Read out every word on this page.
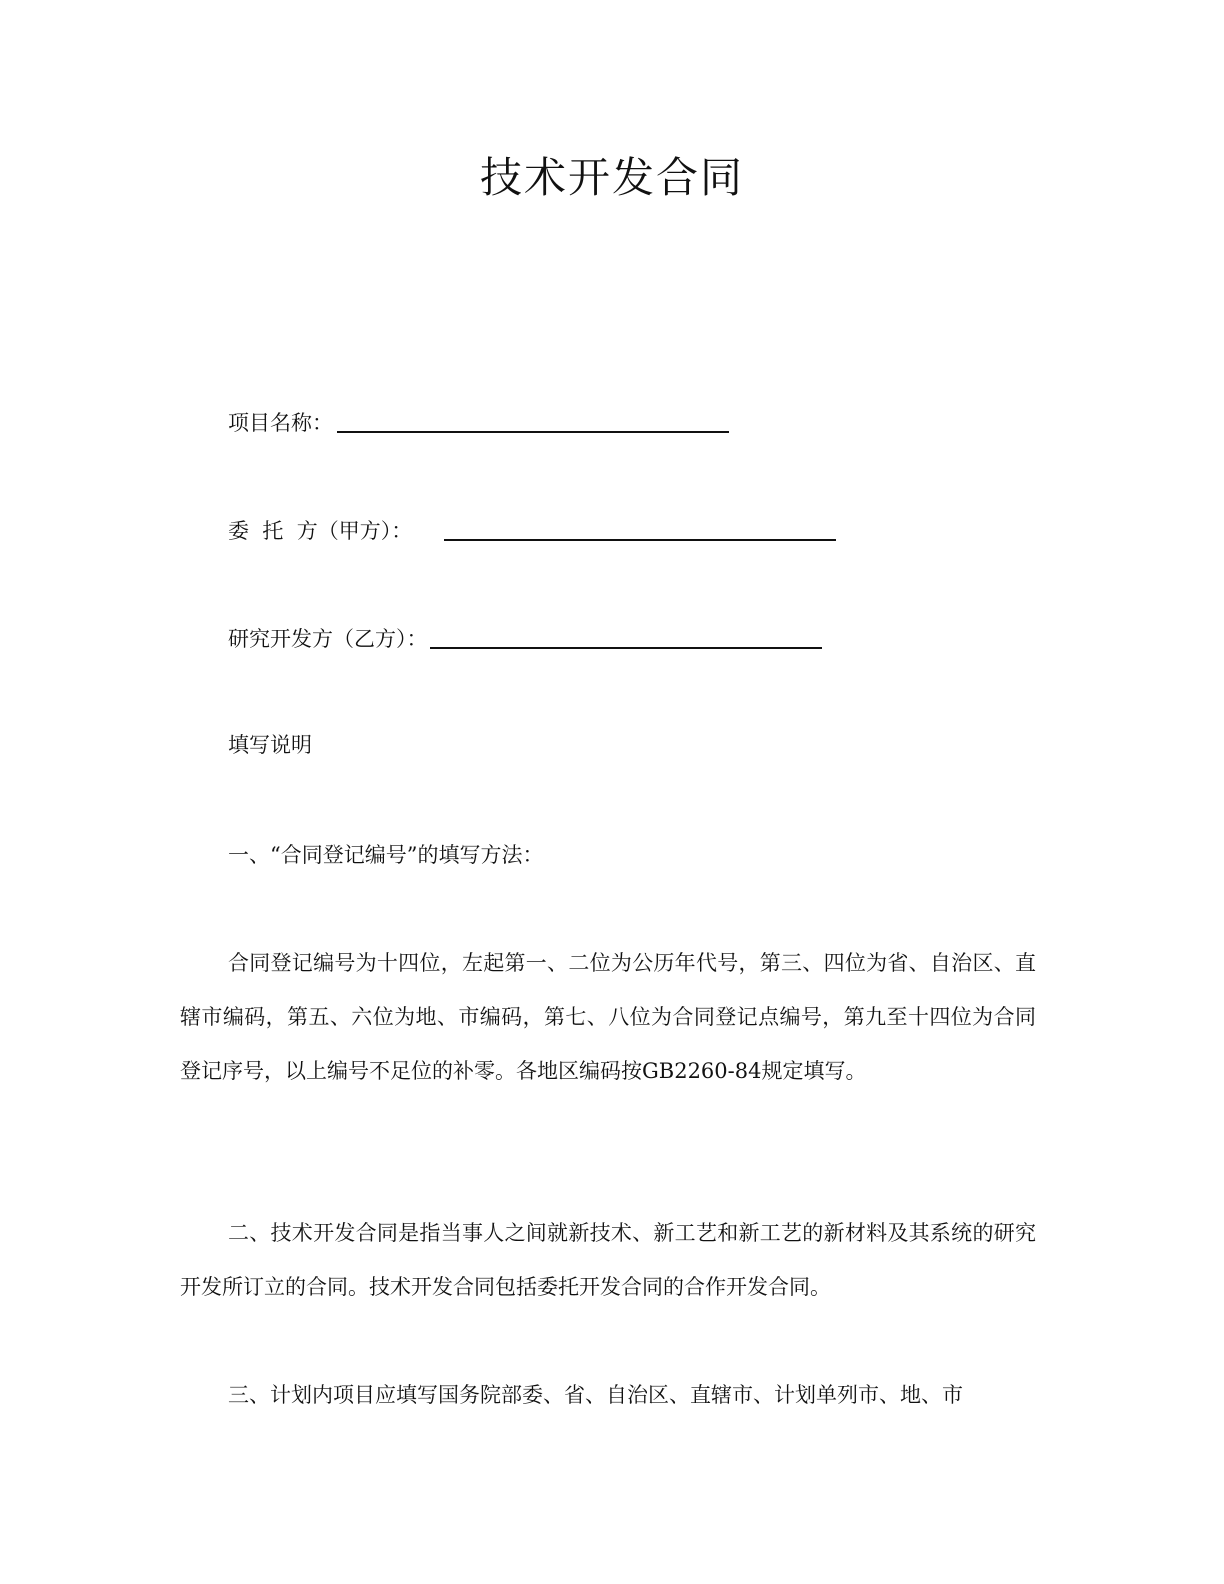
技术开发合同
项目名称：
委  托  方（甲方）：
研究开发方（乙方）：
填写说明
一、“合同登记编号”的填写方法：
合同登记编号为十四位，左起第一、二位为公历年代号，第三、四位为省、自治区、直辖市编码，第五、六位为地、市编码，第七、八位为合同登记点编号，第九至十四位为合同登记序号，以上编号不足位的补零。各地区编码按GB2260-84规定填写。
二、技术开发合同是指当事人之间就新技术、新工艺和新工艺的新材料及其系统的研究开发所订立的合同。技术开发合同包括委托开发合同的合作开发合同。
三、计划内项目应填写国务院部委、省、自治区、直辖市、计划单列市、地、市
